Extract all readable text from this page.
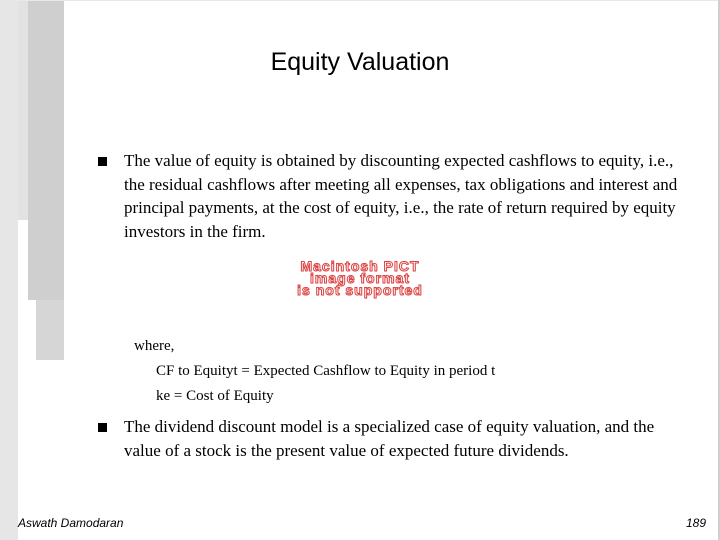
Equity Valuation
The value of equity is obtained by discounting expected cashflows to equity, i.e., the residual cashflows after meeting all expenses, tax obligations and interest and principal payments, at the cost of equity, i.e., the rate of return required by equity investors in the firm.
Macintosh PICT
image format
is not supported
where,
CF to Equityt = Expected Cashflow to Equity in period t
ke = Cost of Equity
The dividend discount model is a specialized case of equity valuation, and the value of a stock is the present value of expected future dividends.
Aswath Damodaran	189
